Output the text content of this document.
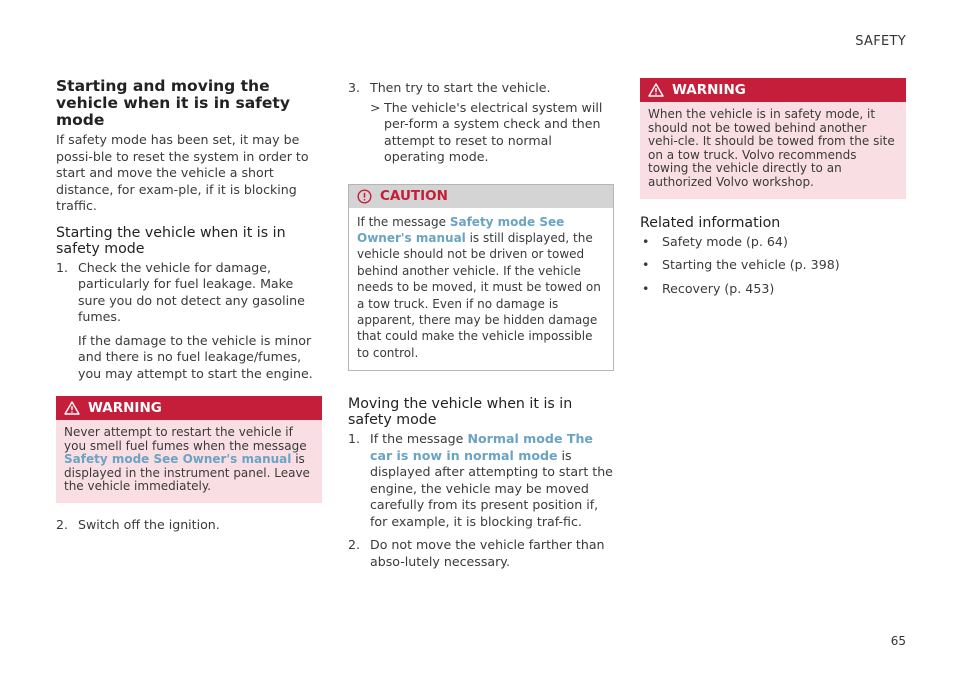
SAFETY
Starting and moving the vehicle when it is in safety mode

If safety mode has been set, it may be possi-ble to reset the system in order to start and move the vehicle a short distance, for exam-ple, if it is blocking traffic.

Starting the vehicle when it is in safety mode
1. Check the vehicle for damage, particularly for fuel leakage. Make sure you do not detect any gasoline fumes.

If the damage to the vehicle is minor and there is no fuel leakage/fumes, you may attempt to start the engine.

WARNING
Never attempt to restart the vehicle if you smell fuel fumes when the message Safety mode See Owner's manual is displayed in the instrument panel. Leave the vehicle immediately.
2. Switch off the ignition.

3. Then try to start the vehicle.

> The vehicle's electrical system will per-form a system check and then attempt to reset to normal operating mode.
CAUTION
If the message Safety mode See Owner's manual is still displayed, the vehicle should not be driven or towed behind another vehicle. If the vehicle needs to be moved, it must be towed on a tow truck. Even if no damage is apparent, there may be hidden damage that could make the vehicle impossible to control.
Moving the vehicle when it is in safety mode
1. If the message Normal mode The car is now in normal mode is displayed after attempting to start the engine, the vehicle may be moved carefully from its present position if, for example, it is blocking traf-fic.

2. Do not move the vehicle farther than abso-lutely necessary.

WARNING
When the vehicle is in safety mode, it should not be towed behind another vehi-cle. It should be towed from the site on a tow truck. Volvo recommends towing the vehicle directly to an authorized Volvo workshop.
Related information
• Safety mode (p. 64)
• Starting the vehicle (p. 398)
• Recovery (p. 453)
65
